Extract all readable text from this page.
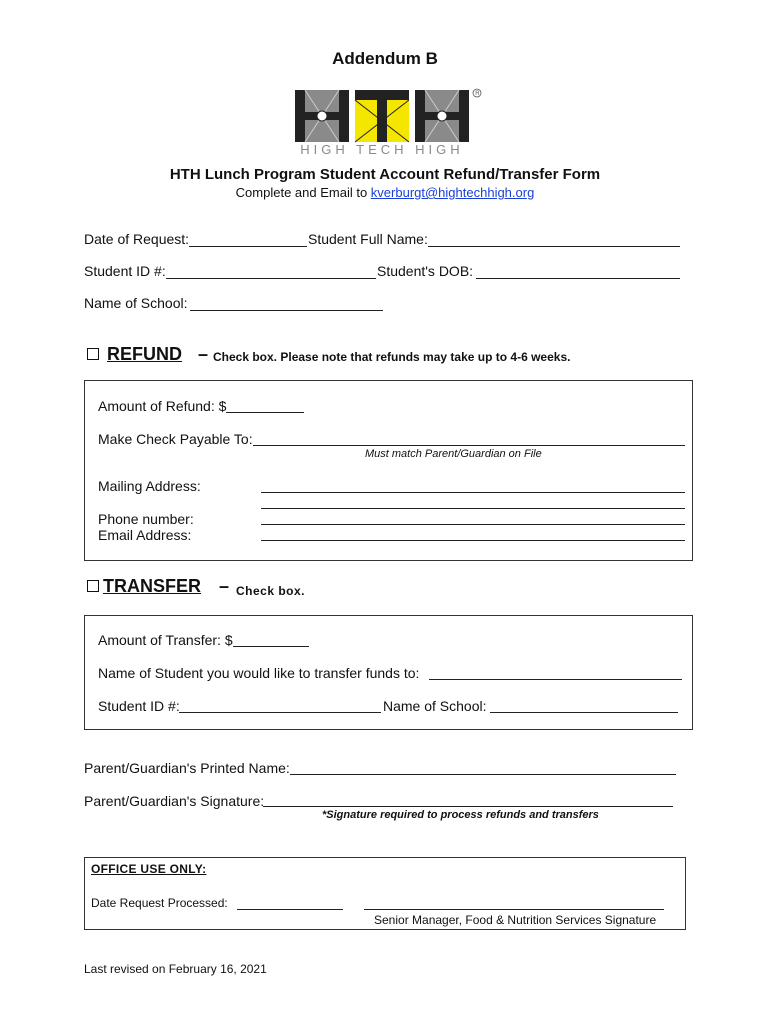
Addendum B
R
HIGH TECH HIGH
HTH Lunch Program Student Account Refund/Transfer Form
Complete and Email to kverburgt@hightechhigh.org
Date of Request:	Student Full Name:
Student ID #:	Student's DOB:
Name of School:
REFUND – Check box. Please note that refunds may take up to 4-6 weeks.
Amount of Refund: $
Make Check Payable To:
Must match Parent/Guardian on File
Mailing Address:
Phone number:
Email Address:
TRANSFER – Check box.
Amount of Transfer: $
Name of Student you would like to transfer funds to:
Student ID #:	Name of School:
Parent/Guardian's Printed Name:
Parent/Guardian's Signature:
*Signature required to process refunds and transfers
OFFICE USE ONLY:
Date Request Processed:
Senior Manager, Food & Nutrition Services Signature
Last revised on February 16, 2021
